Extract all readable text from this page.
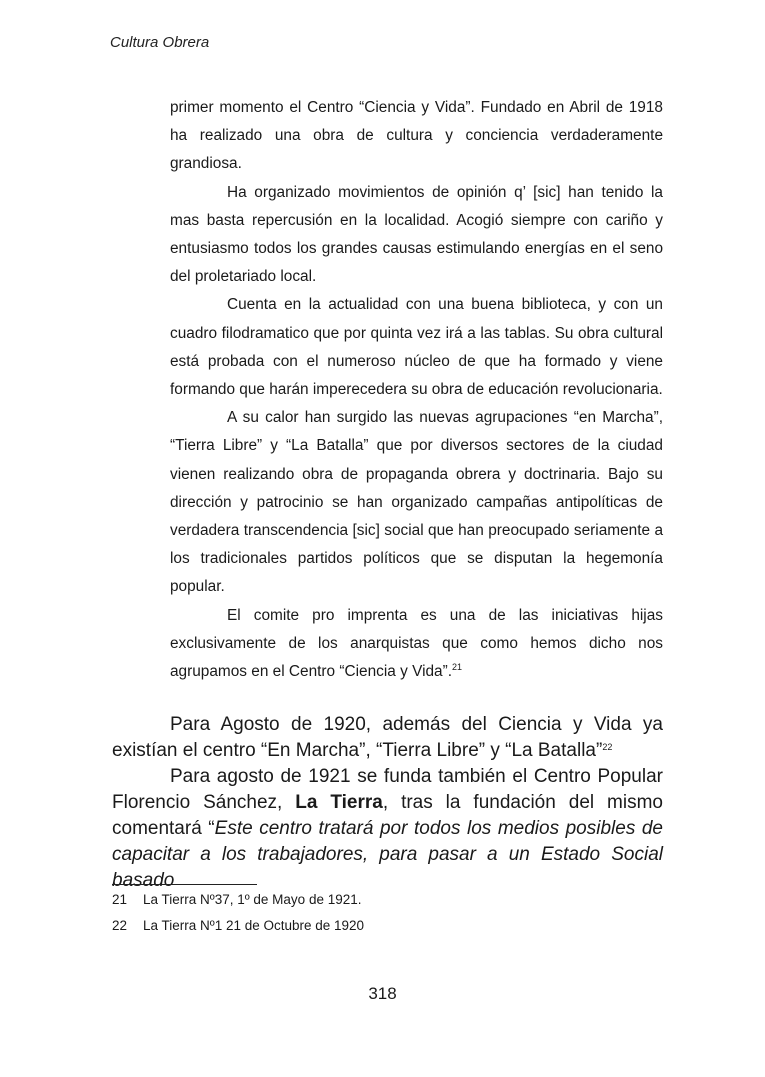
Cultura Obrera

primer momento el Centro “Ciencia y Vida”. Fundado en Abril de 1918 ha realizado una obra de cultura y conciencia verdaderamente grandiosa.

Ha organizado movimientos de opinión q’ [sic] han tenido la mas basta repercusión en la localidad. Acogió siempre con cariño y entusiasmo todos los grandes causas estimulando energías en el seno del proletariado local.

Cuenta en la actualidad con una buena biblioteca, y con un cuadro filodramatico que por quinta vez irá a las tablas. Su obra cultural está probada con el numeroso núcleo de que ha formado y viene formando que harán imperecedera su obra de educación revolucionaria.

A su calor han surgido las nuevas agrupaciones “en Marcha”, “Tierra Libre” y “La Batalla” que por diversos sectores de la ciudad vienen realizando obra de propaganda obrera y doctrinaria. Bajo su dirección y patrocinio se han organizado campañas antipolíticas de verdadera transcendencia [sic] social que han preocupado seriamente a los tradicionales partidos políticos que se disputan la hegemonía popular.

El comite pro imprenta es una de las iniciativas hijas exclusivamente de los anarquistas que como hemos dicho nos agrupamos en el Centro “Ciencia y Vida”.$^{21}$

Para Agosto de 1920, además del Ciencia y Vida ya existían el centro “En Marcha”, “Tierra Libre” y “La Batalla”$^{22}$

Para agosto de 1921 se funda también el Centro Popular Florencio Sánchez, La Tierra, tras la fundación del mismo comentará “Este centro tratará por todos los medios posibles de capacitar a los trabajadores, para pasar a un Estado Social basado

21	La Tierra Nº37, 1º de Mayo de 1921.
22	La Tierra Nº1 21 de Octubre de 1920
318
